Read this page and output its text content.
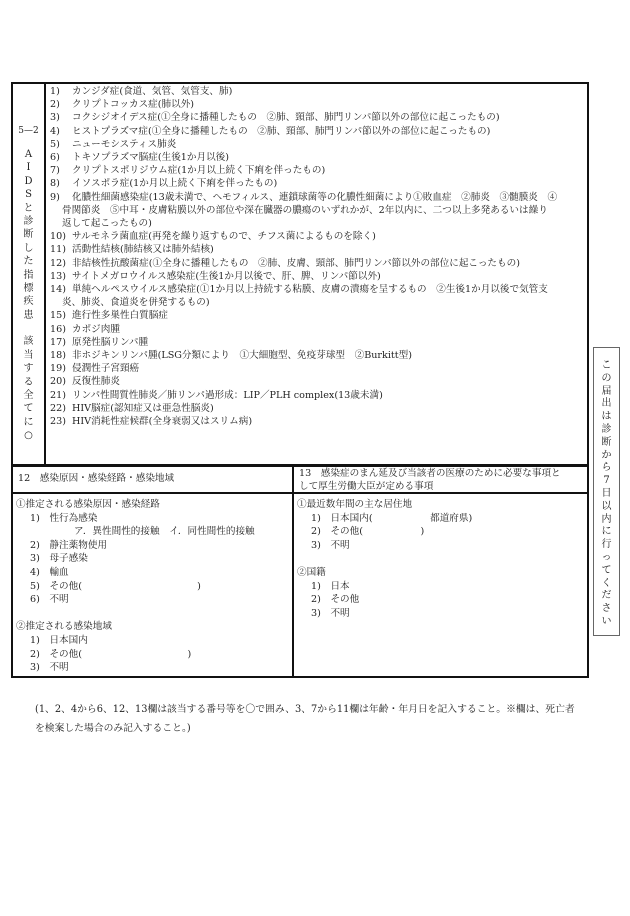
5—2
A
I
D
S
と
診
断
し
た
指
標
疾
患
該
当
す
る
全
て
に
○
1)	カンジダ症(食道、気管、気管支、肺)
2)	クリプトコッカス症(肺以外)
3)	コクシジオイデス症(①全身に播種したもの　②肺、頸部、肺門リンパ節以外の部位に起こったもの)
4)	ヒストプラズマ症(①全身に播種したもの　②肺、頸部、肺門リンパ節以外の部位に起こったもの)
5)	ニューモシスティス肺炎
6)	トキソプラズマ脳症(生後1か月以後)
7)	クリプトスポリジウム症(1か月以上続く下痢を伴ったもの)
8)	イソスポラ症(1か月以上続く下痢を伴ったもの)
9)	化膿性細菌感染症(13歳未満で、ヘモフィルス、連鎖球菌等の化膿性細菌により①敗血症　②肺炎　③髄膜炎　④
骨関節炎　⑤中耳・皮膚粘膜以外の部位や深在臓器の膿瘍のいずれかが、2年以内に、二つ以上多発あるいは繰り
返して起こったもの)
10) サルモネラ菌血症(再発を繰り返すもので、チフス菌によるものを除く)
11) 活動性結核(肺結核又は肺外結核)
12) 非結核性抗酸菌症(①全身に播種したもの　②肺、皮膚、頸部、肺門リンパ節以外の部位に起こったもの)
13) サイトメガロウイルス感染症(生後1か月以後で、肝、脾、リンパ節以外)
14) 単純ヘルペスウイルス感染症(①1か月以上持続する粘膜、皮膚の潰瘍を呈するもの　②生後1か月以後で気管支
炎、肺炎、食道炎を併発するもの)
15) 進行性多巣性白質脳症
16) カポジ肉腫
17) 原発性脳リンパ腫
18) 非ホジキンリンパ腫(LSG分類により　①大細胞型、免疫芽球型　②Burkitt型)
19) 侵潤性子宮頸癌
20) 反復性肺炎
21) リンパ性間質性肺炎／肺リンパ過形成：LIP／PLH complex(13歳未満)
22) HIV脳症(認知症又は亜急性脳炎)
23) HIV消耗性症候群(全身衰弱又はスリム病)
12　感染原因・感染経路・感染地域	13　感染症のまん延及び当該者の医療のために必要な事項と
して厚生労働大臣が定める事項
①推定される感染原因・感染経路
1)　性行為感染
ア．異性間性的接触　イ．同性間性的接触
2)　静注薬物使用
3)　母子感染
4)　輸血
5)　その他(　　　　　　　　　　　　)
6)　不明
②推定される感染地域
1)　日本国内
2)　その他(　　　　　　　　　　　)
3)　不明
①最近数年間の主な居住地
1)　日本国内(　　　　　　都道府県)
2)　その他(　　　　　　)
3)　不明
②国籍
1)　日本
2)　その他
3)　不明
こ
の
届
出
は
診
断
か
ら
7
日
以
内
に
行
っ
て
く
だ
さ
い
(1、2、4から6、12、13欄は該当する番号等を〇で囲み、3、7から11欄は年齢・年月日を記入すること。※欄は、死亡者
を検案した場合のみ記入すること。)
